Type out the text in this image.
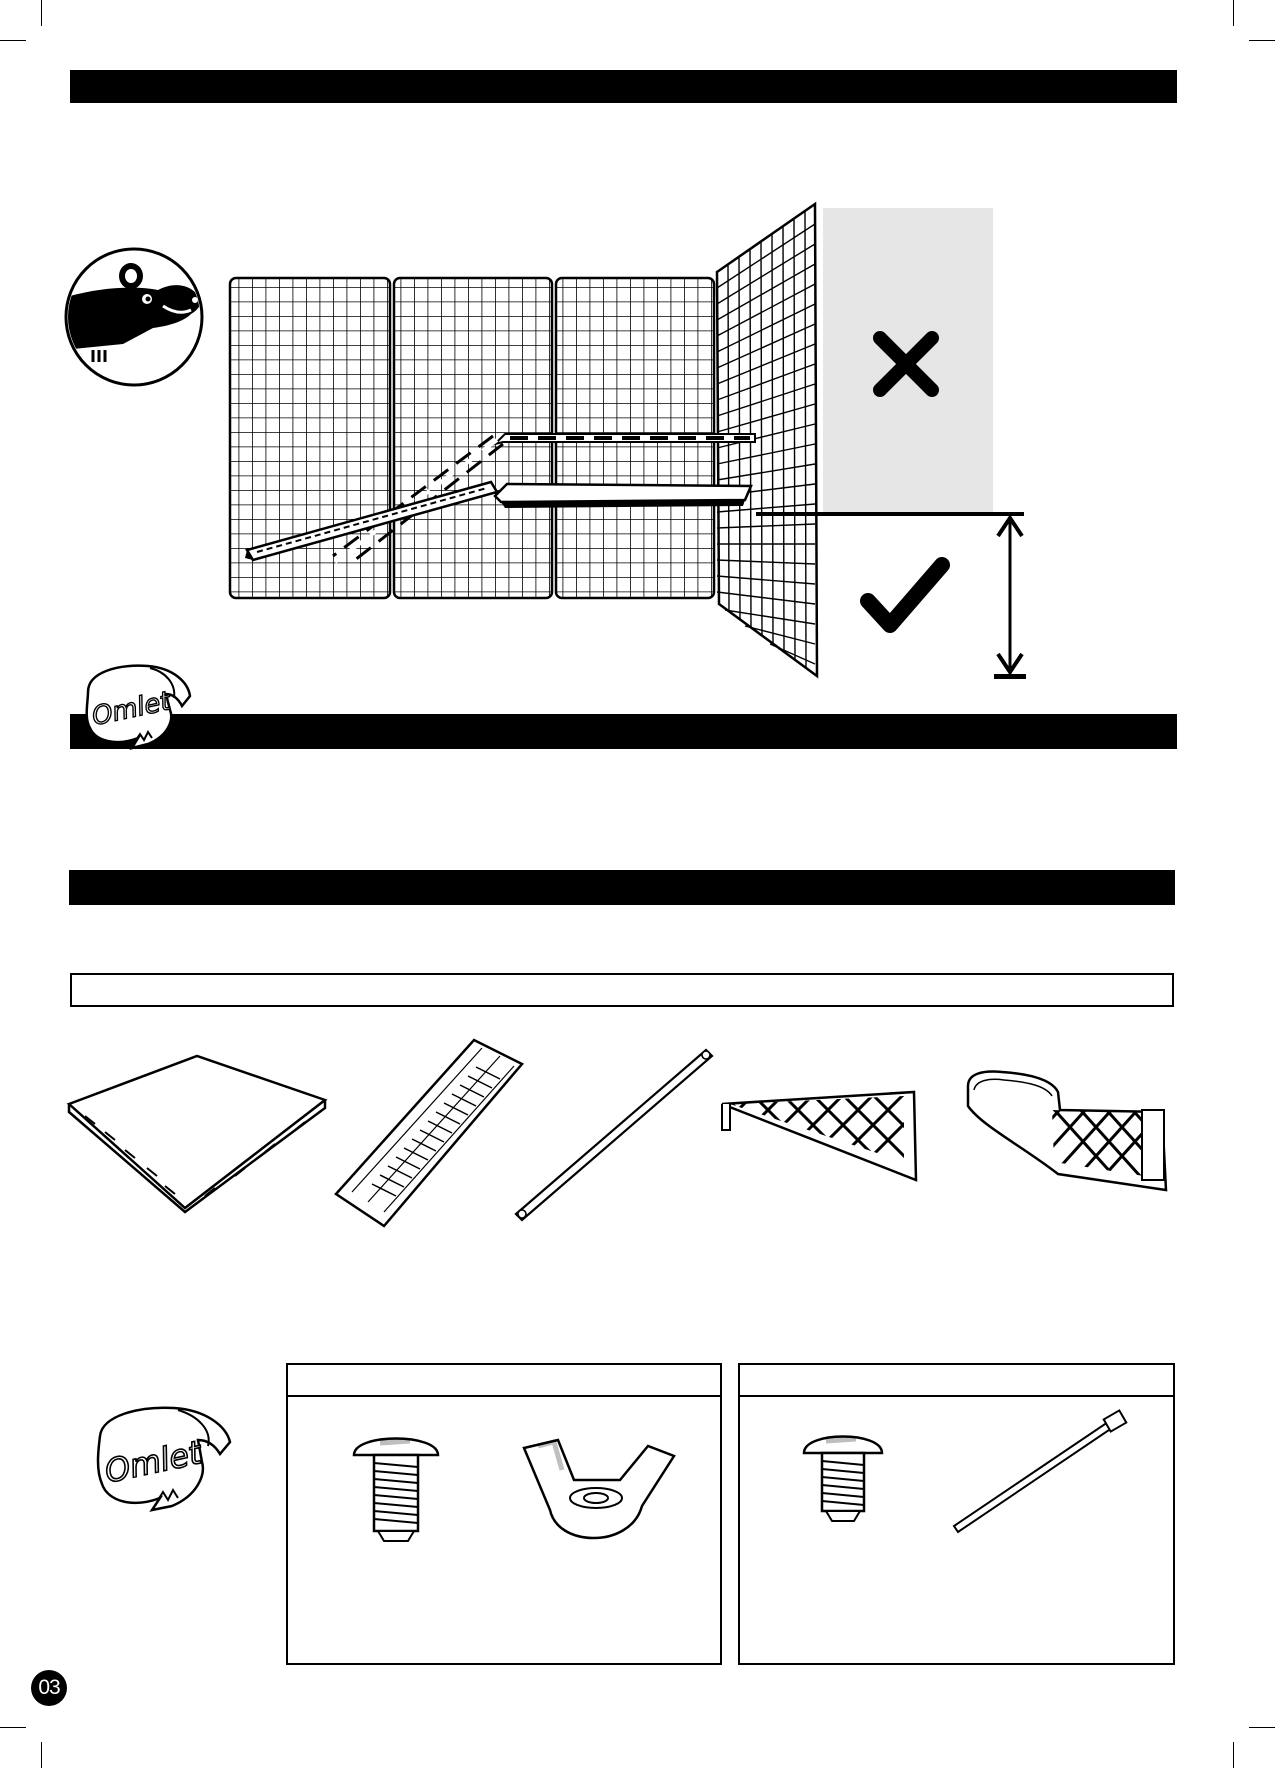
Omlet
Omlet
03
